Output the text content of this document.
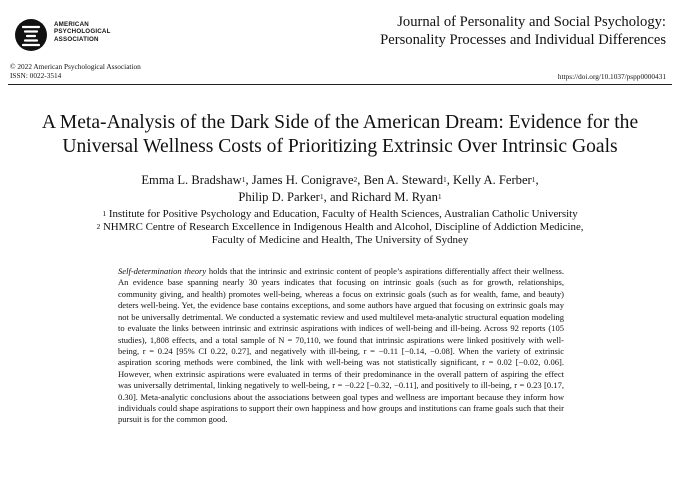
AMERICAN
PSYCHOLOGICAL
ASSOCIATION
Journal of Personality and Social Psychology:
Personality Processes and Individual Differences
© 2022 American Psychological Association
ISSN: 0022-3514	https://doi.org/10.1037/pspp0000431
A Meta-Analysis of the Dark Side of the American Dream: Evidence for the
Universal Wellness Costs of Prioritizing Extrinsic Over Intrinsic Goals
Emma L. Bradshaw$^1$, James H. Conigrave$^2$, Ben A. Steward$^1$, Kelly A. Ferber$^1$,
Philip D. Parker$^1$, and Richard M. Ryan$^1$
$^1$ Institute for Positive Psychology and Education, Faculty of Health Sciences, Australian Catholic University
$^2$ NHMRC Centre of Research Excellence in Indigenous Health and Alcohol, Discipline of Addiction Medicine,
Faculty of Medicine and Health, The University of Sydney
Self-determination theory holds that the intrinsic and extrinsic content of people’s aspirations differentially affect their wellness. An evidence base spanning nearly 30 years indicates that focusing on intrinsic goals (such as for growth, relationships, community giving, and health) promotes well-being, whereas a focus on extrinsic goals (such as for wealth, fame, and beauty) deters well-being. Yet, the evidence base contains exceptions, and some authors have argued that focusing on extrinsic goals may not be universally detrimental. We conducted a systematic review and used multilevel meta-analytic structural equation modeling to evaluate the links between intrinsic and extrinsic aspirations with indices of well-being and ill-being. Across 92 reports (105 studies), 1,808 effects, and a total sample of N = 70,110, we found that intrinsic aspirations were linked positively with well-being, r = 0.24 [95% CI 0.22, 0.27], and negatively with ill-being, r = −0.11 [−0.14, −0.08]. When the variety of extrinsic aspiration scoring methods were combined, the link with well-being was not statistically significant, r = 0.02 [−0.02, 0.06]. However, when extrinsic aspirations were evaluated in terms of their predominance in the overall pattern of aspiring the effect was universally detrimental, linking negatively to well-being, r = −0.22 [−0.32, −0.11], and positively to ill-being, r = 0.23 [0.17, 0.30]. Meta-analytic conclusions about the associations between goal types and wellness are important because they inform how individuals could shape aspirations to support their own happiness and how groups and institutions can frame goals such that their pursuit is for the common good.
